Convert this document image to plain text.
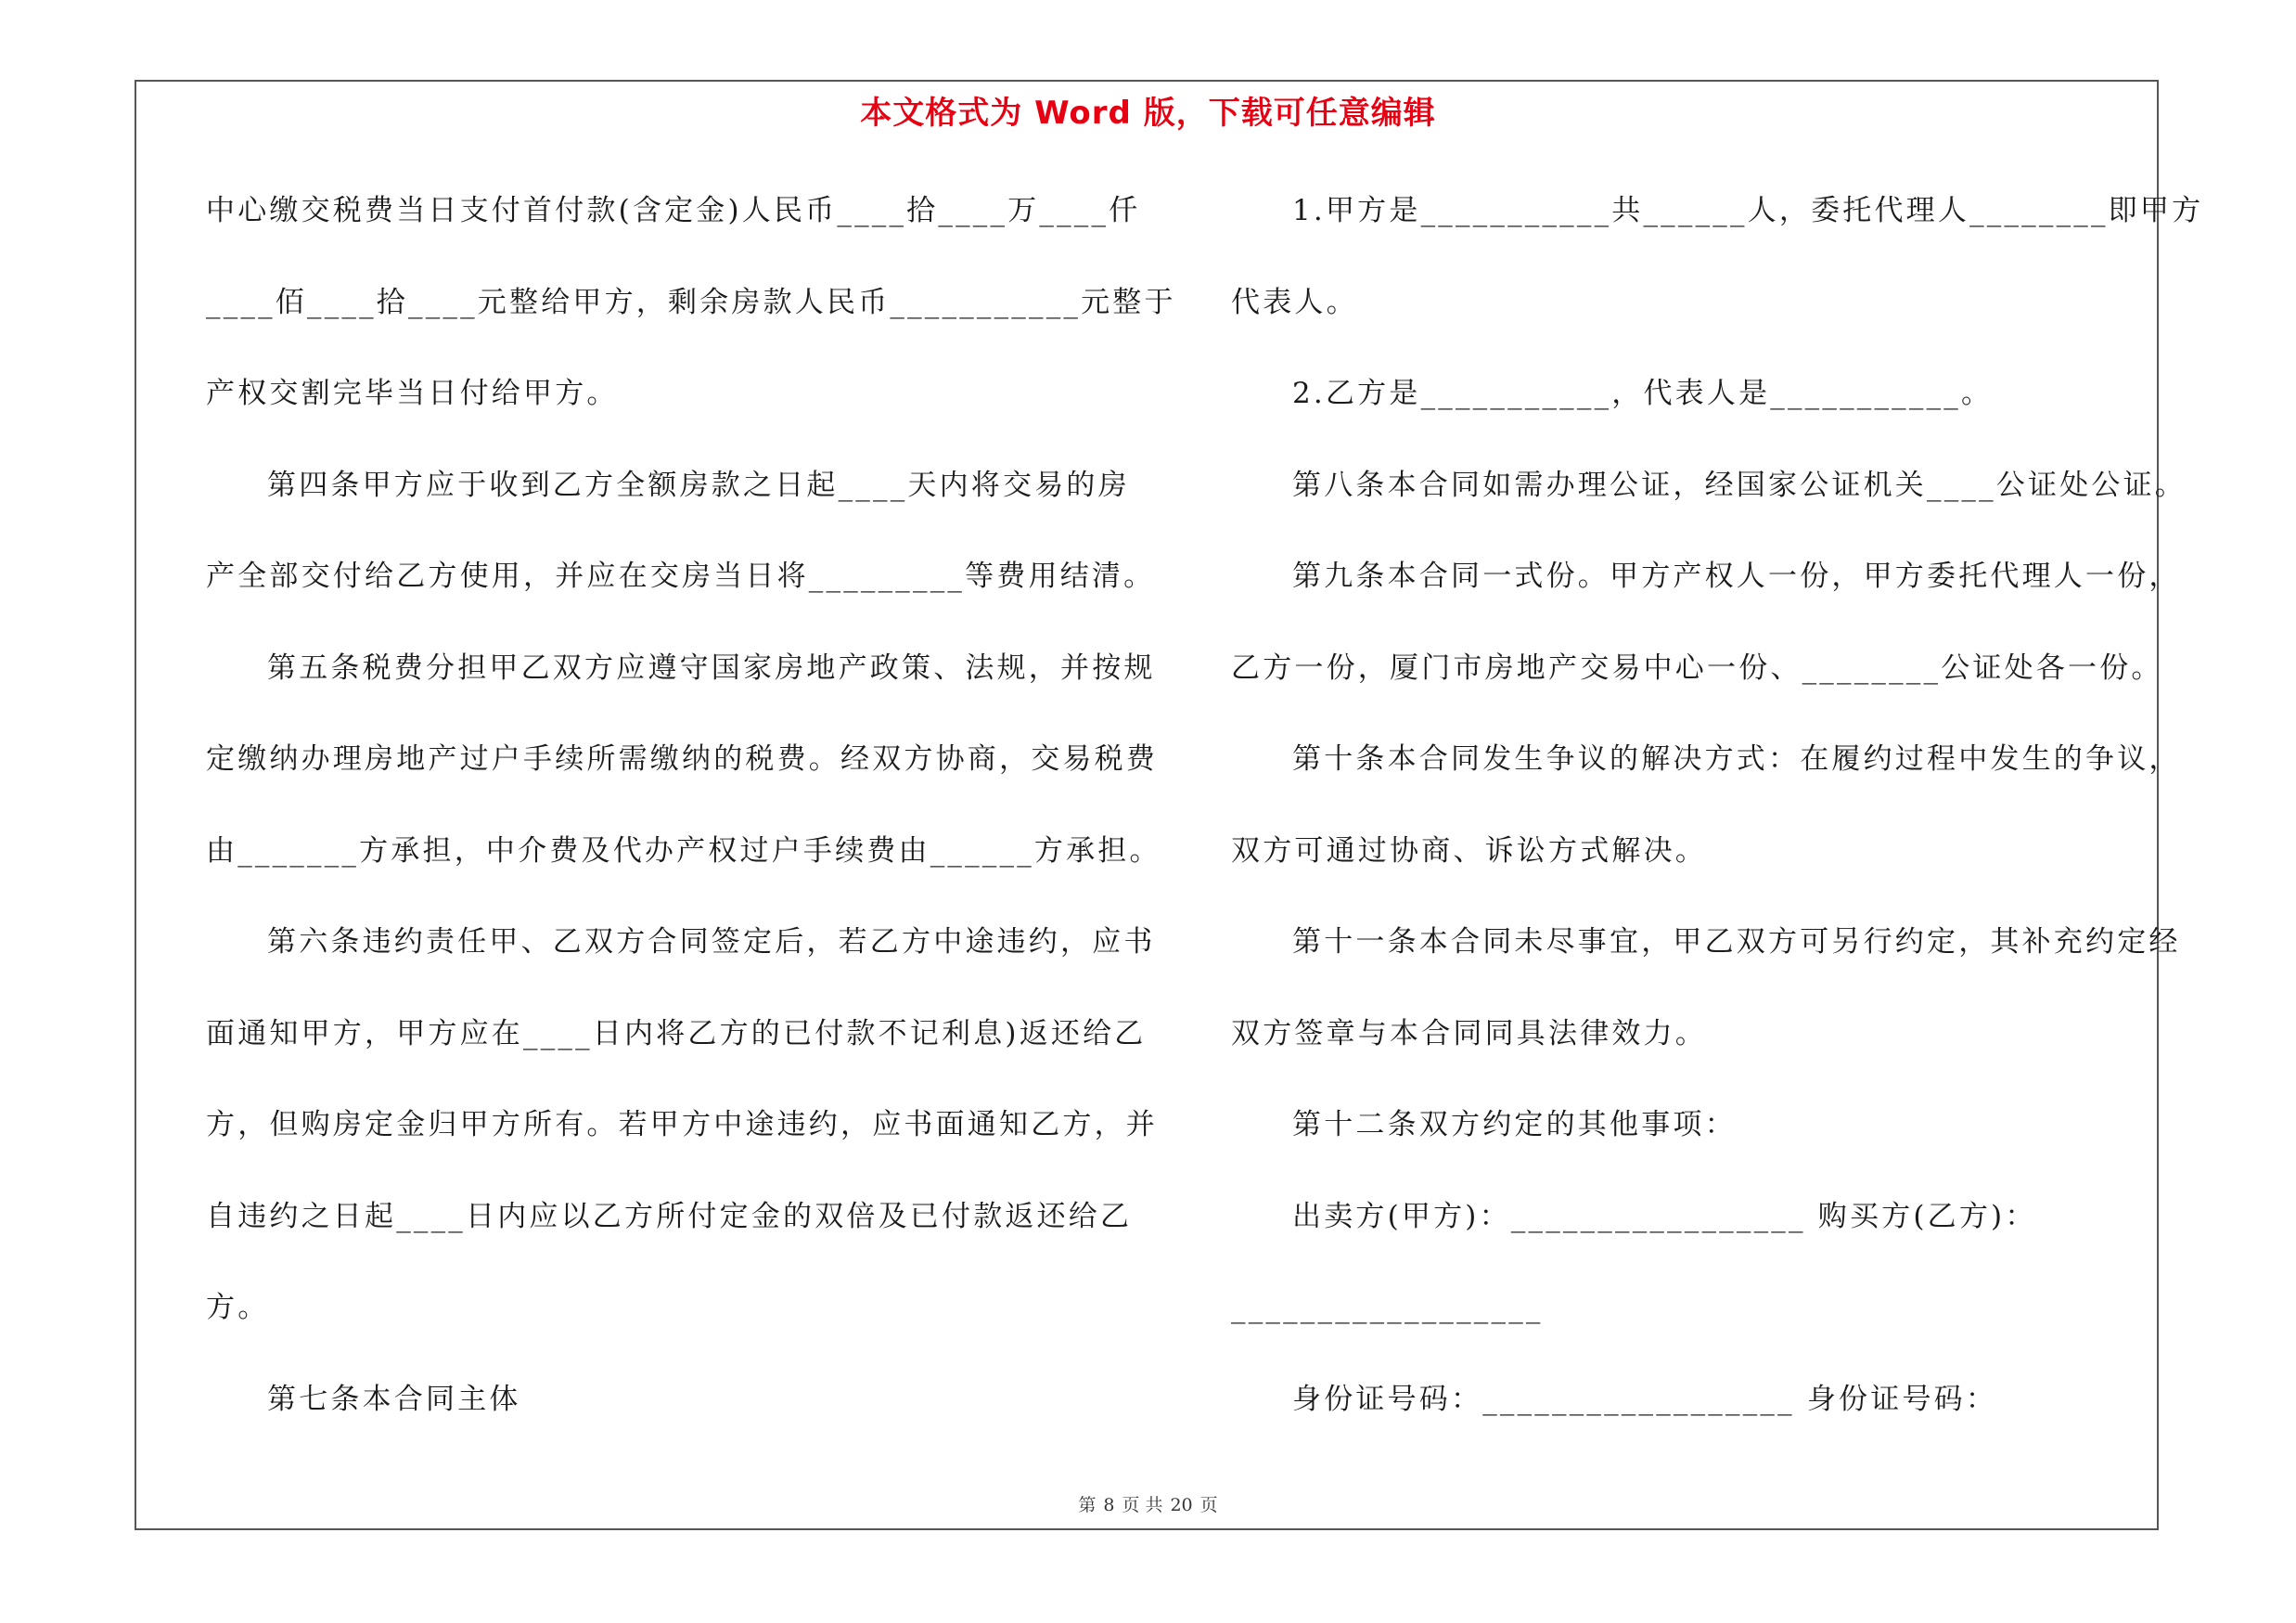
本文格式为 Word 版，下载可任意编辑
中心缴交税费当日支付首付款(含定金)人民币____拾____万____仟
____佰____拾____元整给甲方，剩余房款人民币___________元整于
产权交割完毕当日付给甲方。
第四条甲方应于收到乙方全额房款之日起____天内将交易的房
产全部交付给乙方使用，并应在交房当日将_________等费用结清。
第五条税费分担甲乙双方应遵守国家房地产政策、法规，并按规
定缴纳办理房地产过户手续所需缴纳的税费。经双方协商，交易税费
由_______方承担，中介费及代办产权过户手续费由______方承担。
第六条违约责任甲、乙双方合同签定后，若乙方中途违约，应书
面通知甲方，甲方应在____日内将乙方的已付款不记利息)返还给乙
方，但购房定金归甲方所有。若甲方中途违约，应书面通知乙方，并
自违约之日起____日内应以乙方所付定金的双倍及已付款返还给乙
方。
第七条本合同主体
1.甲方是___________共______人，委托代理人________即甲方
代表人。
2.乙方是___________，代表人是___________。
第八条本合同如需办理公证，经国家公证机关____公证处公证。
第九条本合同一式份。甲方产权人一份，甲方委托代理人一份，
乙方一份，厦门市房地产交易中心一份、________公证处各一份。
第十条本合同发生争议的解决方式：在履约过程中发生的争议，
双方可通过协商、诉讼方式解决。
第十一条本合同未尽事宜，甲乙双方可另行约定，其补充约定经
双方签章与本合同同具法律效力。
第十二条双方约定的其他事项：
出卖方(甲方)：_________________ 购买方(乙方)：
__________________
身份证号码：__________________ 身份证号码：
第 8 页 共 20 页
